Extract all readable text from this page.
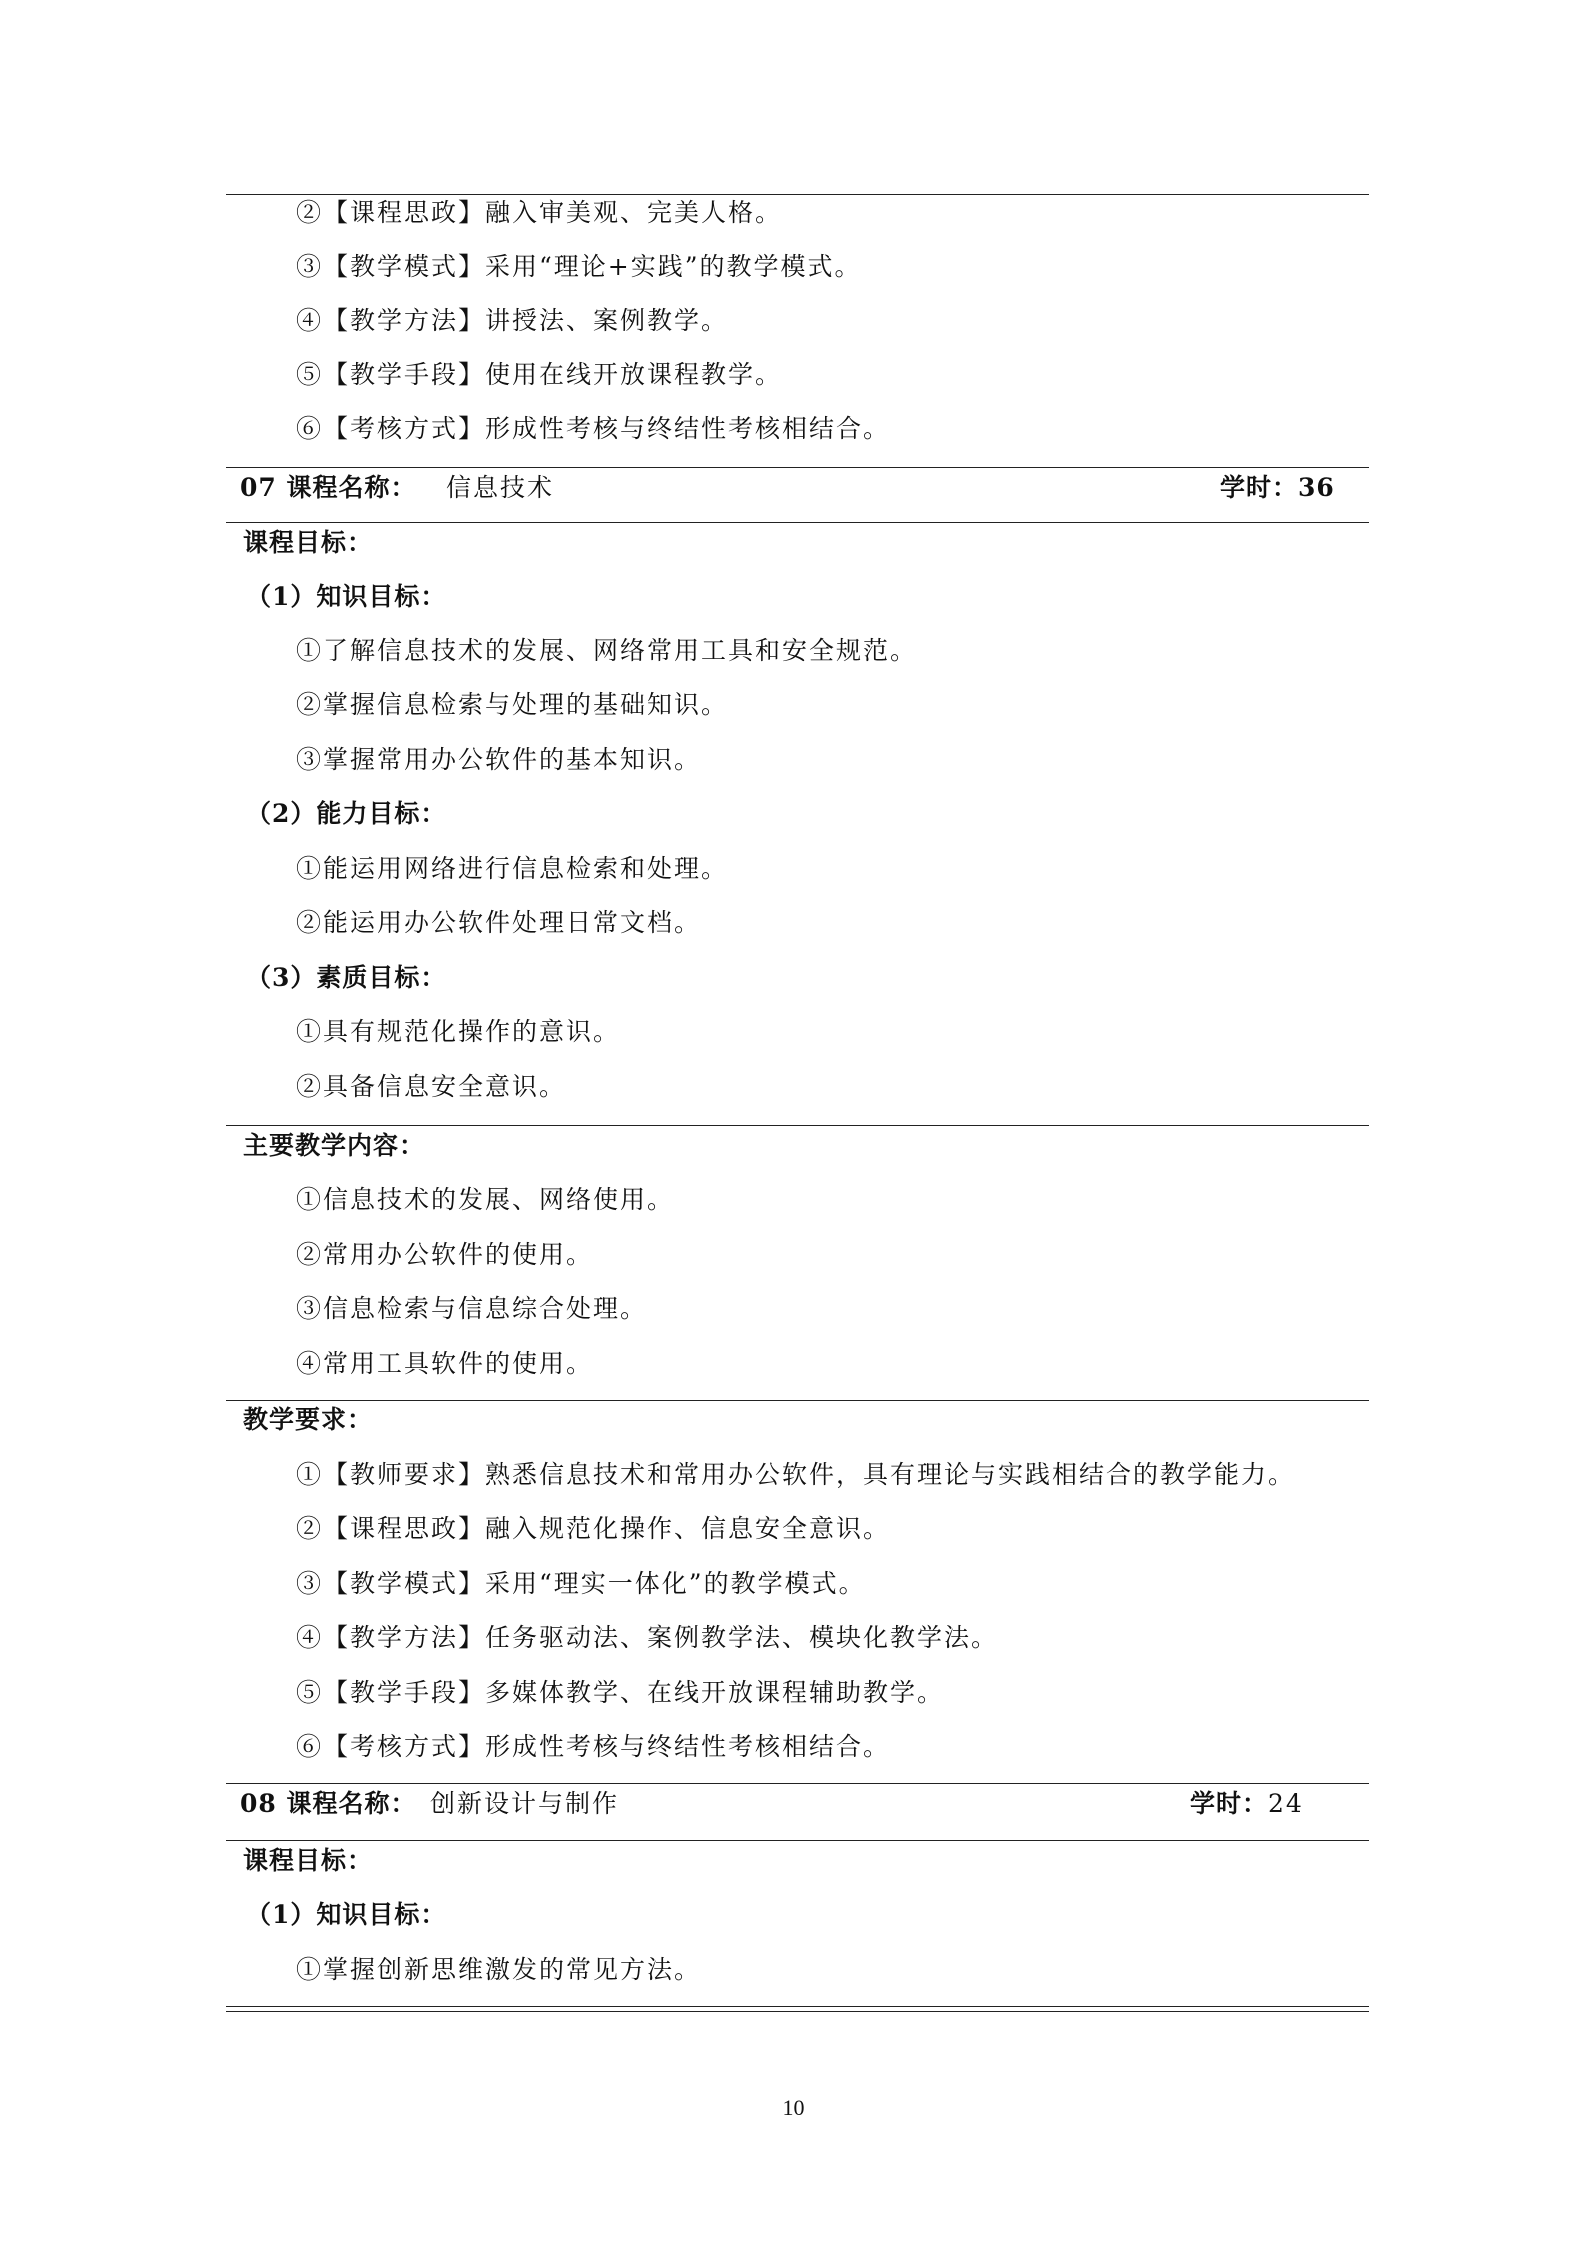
②【课程思政】融入审美观、完美人格。
③【教学模式】采用“理论+实践”的教学模式。
④【教学方法】讲授法、案例教学。
⑤【教学手段】使用在线开放课程教学。
⑥【考核方式】形成性考核与终结性考核相结合。
07 课程名称： 信息技术	学时：36
课程目标：
（1）知识目标：
①了解信息技术的发展、网络常用工具和安全规范。
②掌握信息检索与处理的基础知识。
③掌握常用办公软件的基本知识。
（2）能力目标：
①能运用网络进行信息检索和处理。
②能运用办公软件处理日常文档。
（3）素质目标：
①具有规范化操作的意识。
②具备信息安全意识。
主要教学内容：
①信息技术的发展、网络使用。
②常用办公软件的使用。
③信息检索与信息综合处理。
④常用工具软件的使用。
教学要求：
①【教师要求】熟悉信息技术和常用办公软件，具有理论与实践相结合的教学能力。
②【课程思政】融入规范化操作、信息安全意识。
③【教学模式】采用“理实一体化”的教学模式。
④【教学方法】任务驱动法、案例教学法、模块化教学法。
⑤【教学手段】多媒体教学、在线开放课程辅助教学。
⑥【考核方式】形成性考核与终结性考核相结合。
08 课程名称： 创新设计与制作	学时：24
课程目标：
（1）知识目标：
①掌握创新思维激发的常见方法。
10
